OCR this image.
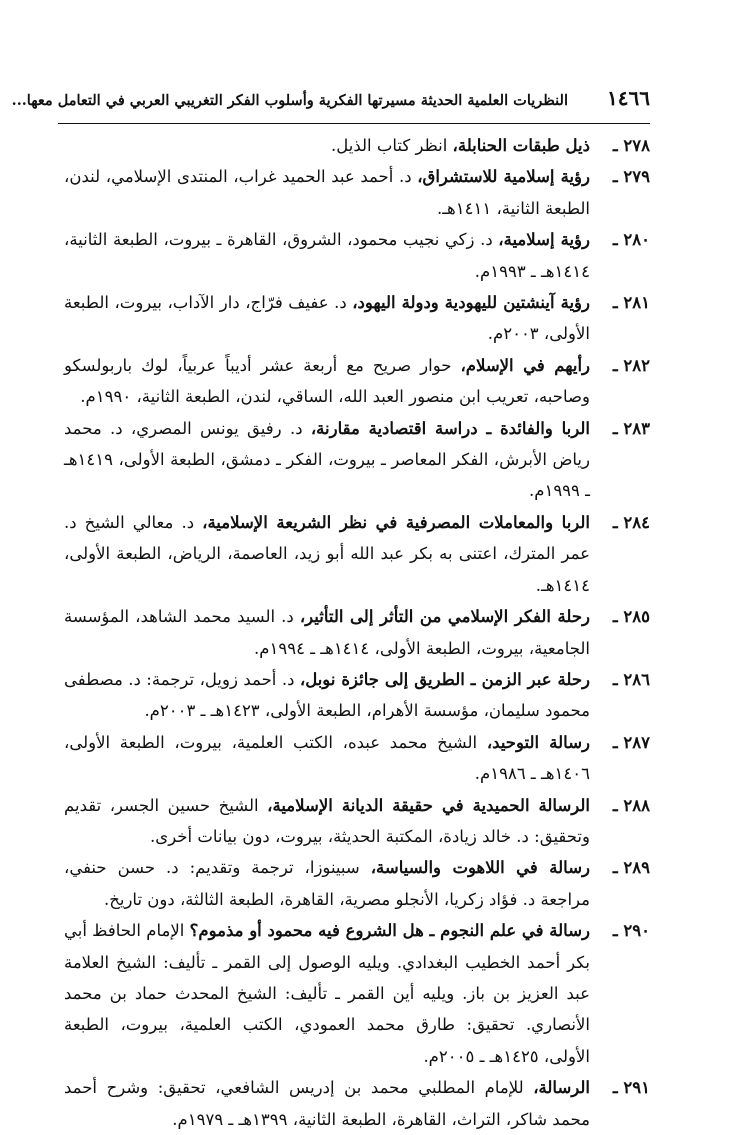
١٤٦٦
النظريات العلمية الحديثة مسيرتها الفكرية وأسلوب الفكر التغريبي العربي في التعامل معها...
٢٧٨ ـ
ذيل طبقات الحنابلة، انظر كتاب الذيل.
٢٧٩ ـ
رؤية إسلامية للاستشراق، د. أحمد عبد الحميد غراب، المنتدى الإسلامي، لندن، الطبعة الثانية، ١٤١١هـ.
٢٨٠ ـ
رؤية إسلامية، د. زكي نجيب محمود، الشروق، القاهرة ـ بيروت، الطبعة الثانية، ١٤١٤هـ ـ ١٩٩٣م.
٢٨١ ـ
رؤية آينشتين لليهودية ودولة اليهود، د. عفيف فرّاج، دار الآداب، بيروت، الطبعة الأولى، ٢٠٠٣م.
٢٨٢ ـ
رأيهم في الإسلام، حوار صريح مع أربعة عشر أديباً عربياً، لوك باربولسكو وصاحبه، تعريب ابن منصور العبد الله، الساقي، لندن، الطبعة الثانية، ١٩٩٠م.
٢٨٣ ـ
الربا والفائدة ـ دراسة اقتصادية مقارنة، د. رفيق يونس المصري، د. محمد رياض الأبرش، الفكر المعاصر ـ بيروت، الفكر ـ دمشق، الطبعة الأولى، ١٤١٩هـ ـ ١٩٩٩م.
٢٨٤ ـ
الربا والمعاملات المصرفية في نظر الشريعة الإسلامية، د. معالي الشيخ د. عمر المترك، اعتنى به بكر عبد الله أبو زيد، العاصمة، الرياض، الطبعة الأولى، ١٤١٤هـ.
٢٨٥ ـ
رحلة الفكر الإسلامي من التأثر إلى التأثير، د. السيد محمد الشاهد، المؤسسة الجامعية، بيروت، الطبعة الأولى، ١٤١٤هـ ـ ١٩٩٤م.
٢٨٦ ـ
رحلة عبر الزمن ـ الطريق إلى جائزة نوبل، د. أحمد زويل، ترجمة: د. مصطفى محمود سليمان، مؤسسة الأهرام، الطبعة الأولى، ١٤٢٣هـ ـ ٢٠٠٣م.
٢٨٧ ـ
رسالة التوحيد، الشيخ محمد عبده، الكتب العلمية، بيروت، الطبعة الأولى، ١٤٠٦هـ ـ ١٩٨٦م.
٢٨٨ ـ
الرسالة الحميدية في حقيقة الديانة الإسلامية، الشيخ حسين الجسر، تقديم وتحقيق: د. خالد زيادة، المكتبة الحديثة، بيروت، دون بيانات أخرى.
٢٨٩ ـ
رسالة في اللاهوت والسياسة، سبينوزا، ترجمة وتقديم: د. حسن حنفي، مراجعة د. فؤاد زكريا، الأنجلو مصرية، القاهرة، الطبعة الثالثة، دون تاريخ.
٢٩٠ ـ
رسالة في علم النجوم ـ هل الشروع فيه محمود أو مذموم؟ الإمام الحافظ أبي بكر أحمد الخطيب البغدادي. ويليه الوصول إلى القمر ـ تأليف: الشيخ العلامة عبد العزيز بن باز. ويليه أين القمر ـ تأليف: الشيخ المحدث حماد بن محمد الأنصاري. تحقيق: طارق محمد العمودي، الكتب العلمية، بيروت، الطبعة الأولى، ١٤٢٥هـ ـ ٢٠٠٥م.
٢٩١ ـ
الرسالة، للإمام المطلبي محمد بن إدريس الشافعي، تحقيق: وشرح أحمد محمد شاكر، التراث، القاهرة، الطبعة الثانية، ١٣٩٩هـ ـ ١٩٧٩م.
